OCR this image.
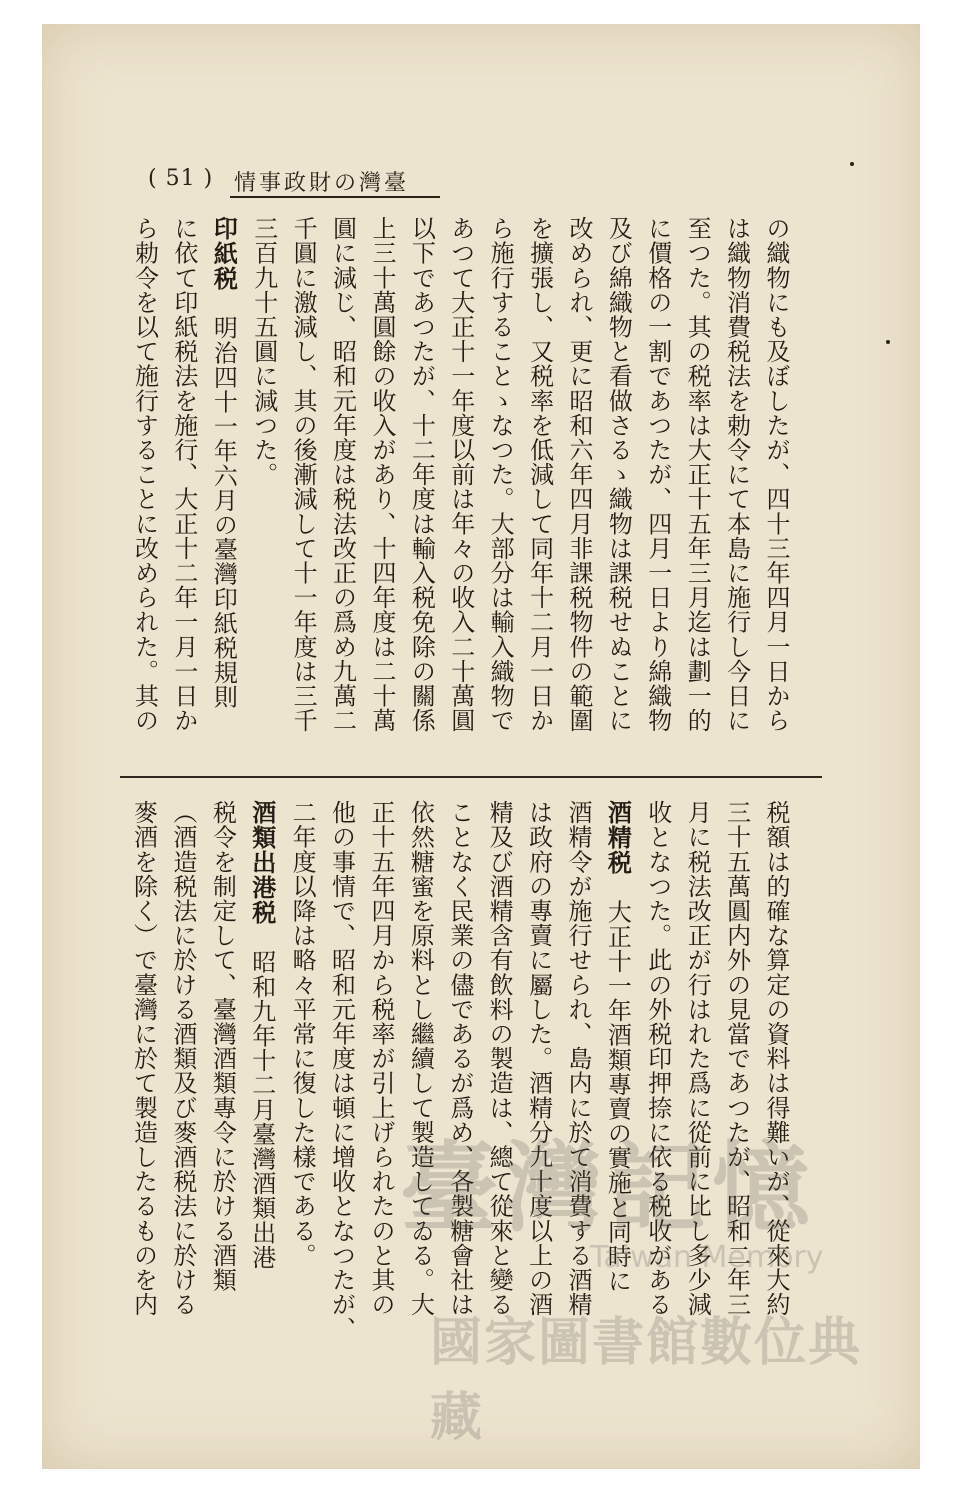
( 51 ) 臺灣の財政事情
の織物にも及ぼしたが、四十三年四月一日から
は織物消費税法を勅令にて本島に施行し今日に
至つた。其の税率は大正十五年三月迄は劃一的
に價格の一割であつたが、四月一日より綿織物
及び綿織物と看做さるゝ織物は課税せぬことに
改められ、更に昭和六年四月非課税物件の範圍
を擴張し、又税率を低減して同年十二月一日か
ら施行することゝなつた。大部分は輸入織物で
あつて大正十一年度以前は年々の收入二十萬圓
以下であつたが、十二年度は輸入税免除の關係
上三十萬圓餘の收入があり、十四年度は二十萬
圓に減じ、昭和元年度は税法改正の爲め九萬二
千圓に激減し、其の後漸減して十一年度は三千
三百九十五圓に減つた。
印紙税　明治四十一年六月の臺灣印紙税規則
に依て印紙税法を施行、大正十二年一月一日か
ら勅令を以て施行することに改められた。其の
税額は的確な算定の資料は得難いが、從來大約
三十五萬圓内外の見當であつたが、昭和二年三
月に税法改正が行はれた爲に從前に比し多少減
收となつた。此の外税印押捺に依る税收がある
酒精税　大正十一年酒類專賣の實施と同時に
酒精令が施行せられ、島内に於て消費する酒精
は政府の專賣に屬した。酒精分九十度以上の酒
精及び酒精含有飲料の製造は、總て從來と變る
ことなく民業の儘であるが爲め、各製糖會社は
依然糖蜜を原料とし繼續して製造してゐる。大
正十五年四月から税率が引上げられたのと其の
他の事情で、昭和元年度は頓に增收となつたが、
二年度以降は略々平常に復した樣である。
酒類出港税　昭和九年十二月臺灣酒類出港
税令を制定して、臺灣酒類專令に於ける酒類
（酒造税法に於ける酒類及び麥酒税法に於ける
麥酒を除く）で臺灣に於て製造したるものを内 臺灣記憶
Taiwan Memory
國家圖書館數位典藏
